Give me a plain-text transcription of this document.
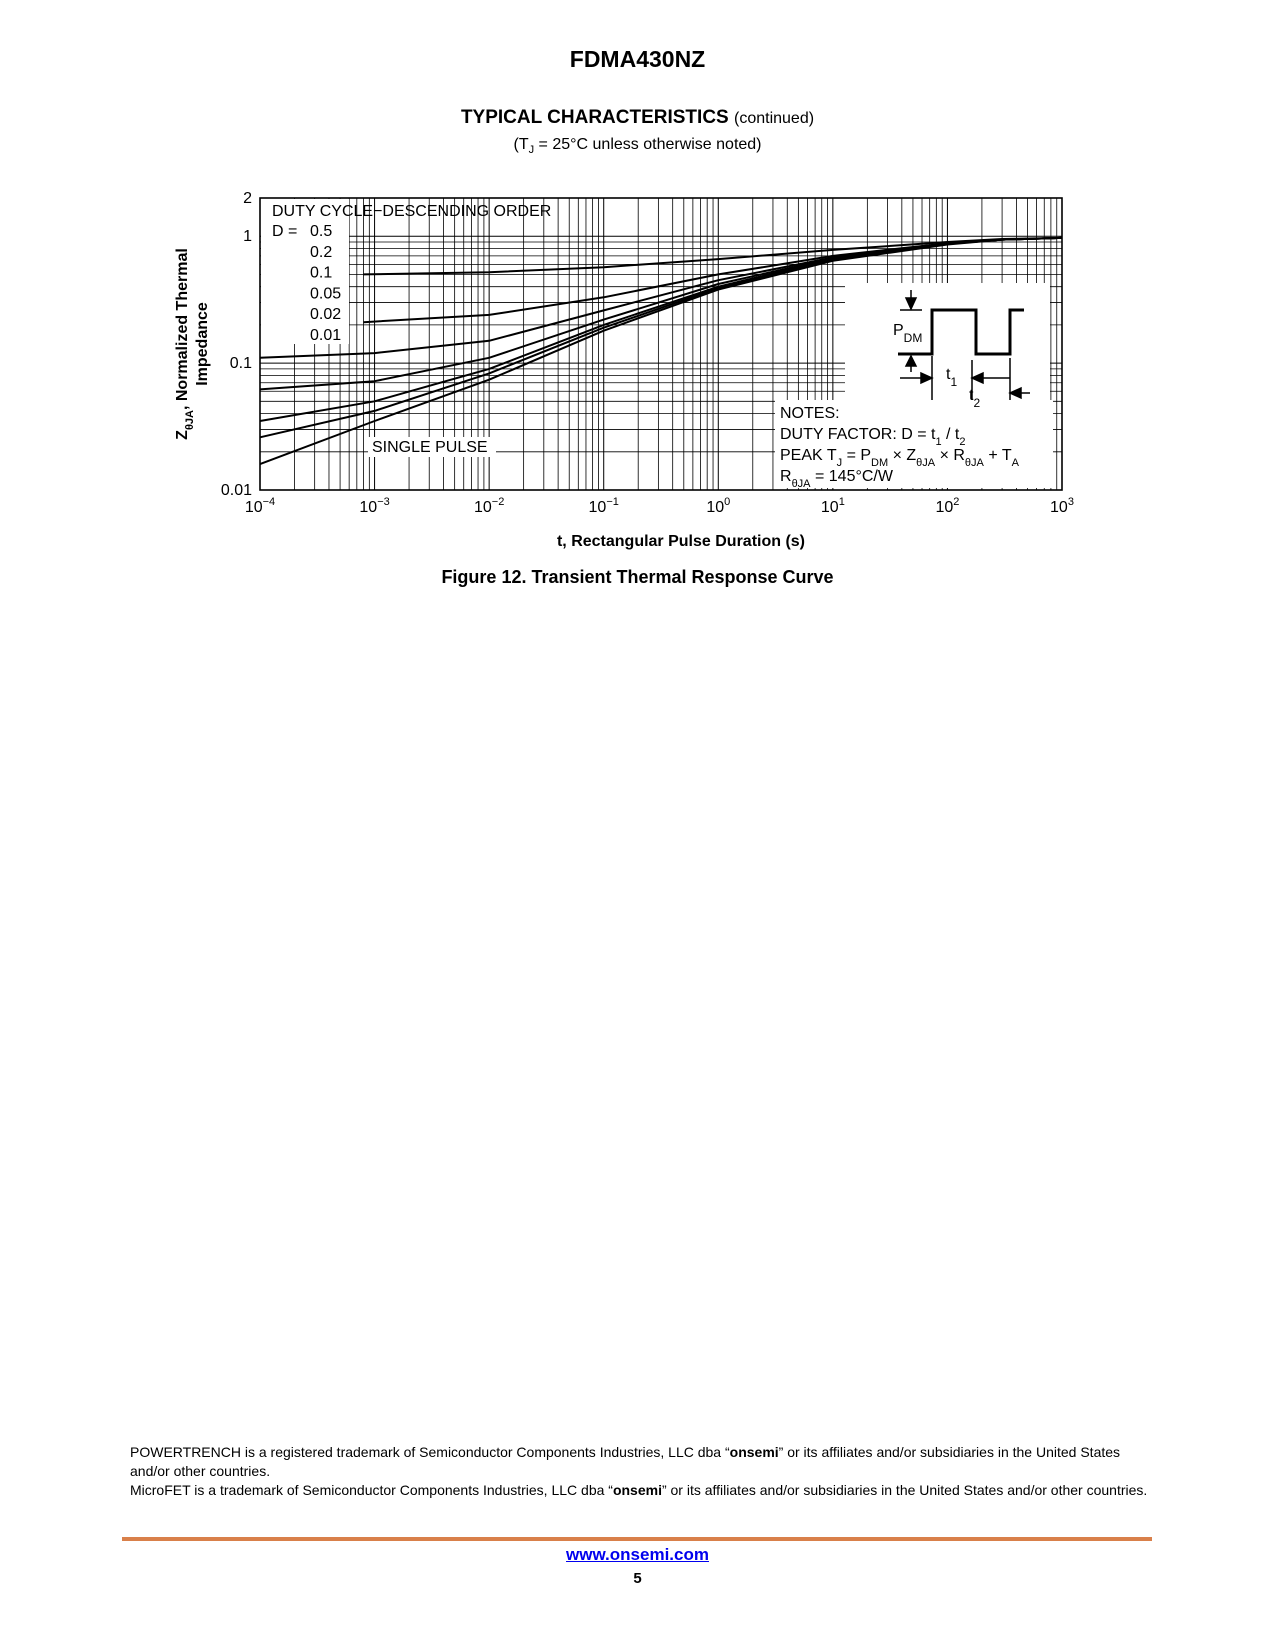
FDMA430NZ
TYPICAL CHARACTERISTICS (continued)
($T_J = 25^\circ C$ unless otherwise noted)
$10^{-4}$	$10^{-3}$	$10^{-2}$	$10^{-1}$	$10^0$	$10^1$	$10^2$	$10^3$
2
1
0.1
0.01
DUTY CYCLE−DESCENDING ORDER
D = 0.5
0.2
0.1
0.05
0.02
0.01
SINGLE PULSE
NOTES:
DUTY FACTOR: $D = t_1 / t_2$
PEAK $T_J = P_{DM} \times Z_{\theta JA} \times R_{\theta JA} + T_A$
$R_{\theta JA} = 145^\circ C/W$
$P_{DM}$
$t_1$
$t_2$
t, Rectangular Pulse Duration (s)
$Z_{\theta JA}$, Normalized Thermal Impedance
Figure 12. Transient Thermal Response Curve

POWERTRENCH is a registered trademark of Semiconductor Components Industries, LLC dba “onsemi” or its affiliates and/or subsidiaries in the United States and/or other countries.

MicroFET is a trademark of Semiconductor Components Industries, LLC dba “onsemi” or its affiliates and/or subsidiaries in the United States and/or other countries.

www.onsemi.com
5
